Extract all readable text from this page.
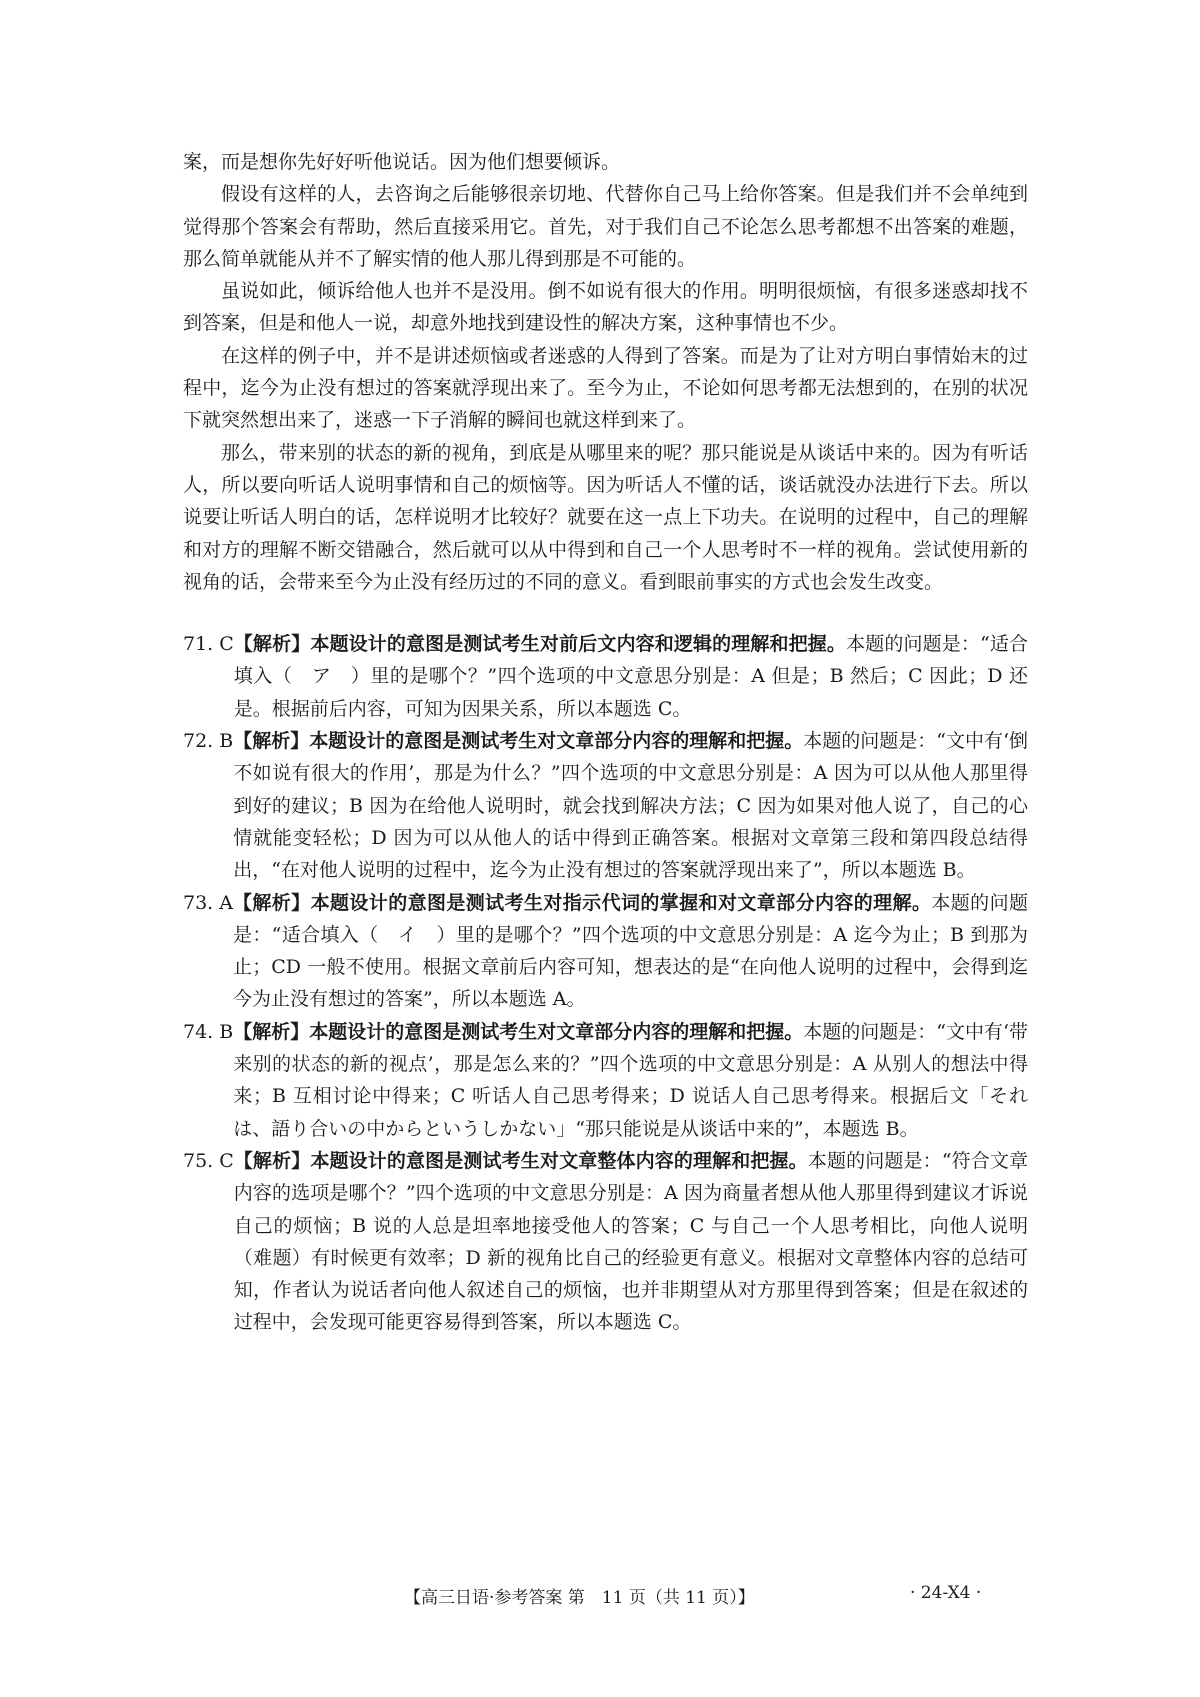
案，而是想你先好好听他说话。因为他们想要倾诉。

假设有这样的人，去咨询之后能够很亲切地、代替你自己马上给你答案。但是我们并不会单纯到觉得那个答案会有帮助，然后直接采用它。首先，对于我们自己不论怎么思考都想不出答案的难题，那么简单就能从并不了解实情的他人那儿得到那是不可能的。

虽说如此，倾诉给他人也并不是没用。倒不如说有很大的作用。明明很烦恼，有很多迷惑却找不到答案，但是和他人一说，却意外地找到建设性的解决方案，这种事情也不少。

在这样的例子中，并不是讲述烦恼或者迷惑的人得到了答案。而是为了让对方明白事情始末的过程中，迄今为止没有想过的答案就浮现出来了。至今为止，不论如何思考都无法想到的，在别的状况下就突然想出来了，迷惑一下子消解的瞬间也就这样到来了。

那么，带来别的状态的新的视角，到底是从哪里来的呢？那只能说是从谈话中来的。因为有听话人，所以要向听话人说明事情和自己的烦恼等。因为听话人不懂的话，谈话就没办法进行下去。所以说要让听话人明白的话，怎样说明才比较好？就要在这一点上下功夫。在说明的过程中，自己的理解和对方的理解不断交错融合，然后就可以从中得到和自己一个人思考时不一样的视角。尝试使用新的视角的话，会带来至今为止没有经历过的不同的意义。看到眼前事实的方式也会发生改变。

71. C 【解析】本题设计的意图是测试考生对前后文内容和逻辑的理解和把握。本题的问题是：“适合填入（　ア　）里的是哪个？”四个选项的中文意思分别是：A 但是；B 然后；C 因此；D 还是。根据前后内容，可知为因果关系，所以本题选 C。
72. B 【解析】本题设计的意图是测试考生对文章部分内容的理解和把握。本题的问题是：“文中有‘倒不如说有很大的作用’，那是为什么？”四个选项的中文意思分别是：A 因为可以从他人那里得到好的建议；B 因为在给他人说明时，就会找到解决方法；C 因为如果对他人说了，自己的心情就能变轻松；D 因为可以从他人的话中得到正确答案。根据对文章第三段和第四段总结得出，“在对他人说明的过程中，迄今为止没有想过的答案就浮现出来了”，所以本题选 B。
73. A 【解析】本题设计的意图是测试考生对指示代词的掌握和对文章部分内容的理解。本题的问题是：“适合填入（　イ　）里的是哪个？”四个选项的中文意思分别是：A 迄今为止；B 到那为止；CD 一般不使用。根据文章前后内容可知，想表达的是“在向他人说明的过程中，会得到迄今为止没有想过的答案”，所以本题选 A。
74. B 【解析】本题设计的意图是测试考生对文章部分内容的理解和把握。本题的问题是：“文中有‘带来别的状态的新的视点’，那是怎么来的？”四个选项的中文意思分别是：A 从别人的想法中得来；B 互相讨论中得来；C 听话人自己思考得来；D 说话人自己思考得来。根据后文「それは、語り合いの中からというしかない」“那只能说是从谈话中来的”，本题选 B。
75. C 【解析】本题设计的意图是测试考生对文章整体内容的理解和把握。本题的问题是：“符合文章内容的选项是哪个？”四个选项的中文意思分别是：A 因为商量者想从他人那里得到建议才诉说自己的烦恼；B 说的人总是坦率地接受他人的答案；C 与自己一个人思考相比，向他人说明（难题）有时候更有效率；D 新的视角比自己的经验更有意义。根据对文章整体内容的总结可知，作者认为说话者向他人叙述自己的烦恼，也并非期望从对方那里得到答案；但是在叙述的过程中，会发现可能更容易得到答案，所以本题选 C。
【高三日语·参考答案 第　11 页（共 11 页）】	· 24-X4 ·
